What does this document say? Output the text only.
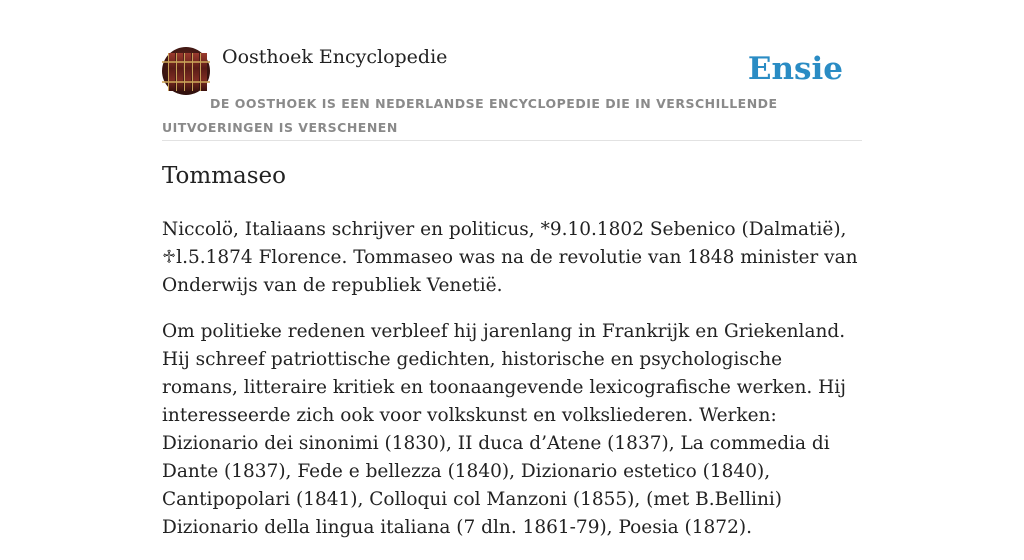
Oosthoek Encyclopedie	Ensie
DE OOSTHOEK IS EEN NEDERLANDSE ENCYCLOPEDIE DIE IN VERSCHILLENDE UITVOERINGEN IS VERSCHENEN
Tommaseo

Niccolö, Italiaans schrijver en politicus, *9.10.1802 Sebenico (Dalmatië), ♱l.5.1874 Florence. Tommaseo was na de revolutie van 1848 minister van Onderwijs van de republiek Venetië.

Om politieke redenen verbleef hij jarenlang in Frankrijk en Griekenland. Hij schreef patriottische gedichten, historische en psychologische romans, litteraire kritiek en toonaangevende lexicografische werken. Hij interesseerde zich ook voor volkskunst en volksliederen. Werken: Dizionario dei sinonimi (1830), II duca d’Atene (1837), La commedia di Dante (1837), Fede e bellezza (1840), Dizionario estetico (1840), Cantipopolari (1841), Colloqui col Manzoni (1855), (met B.Bellini) Dizionario della lingua italiana (7 dln. 1861-79), Poesia (1872).
